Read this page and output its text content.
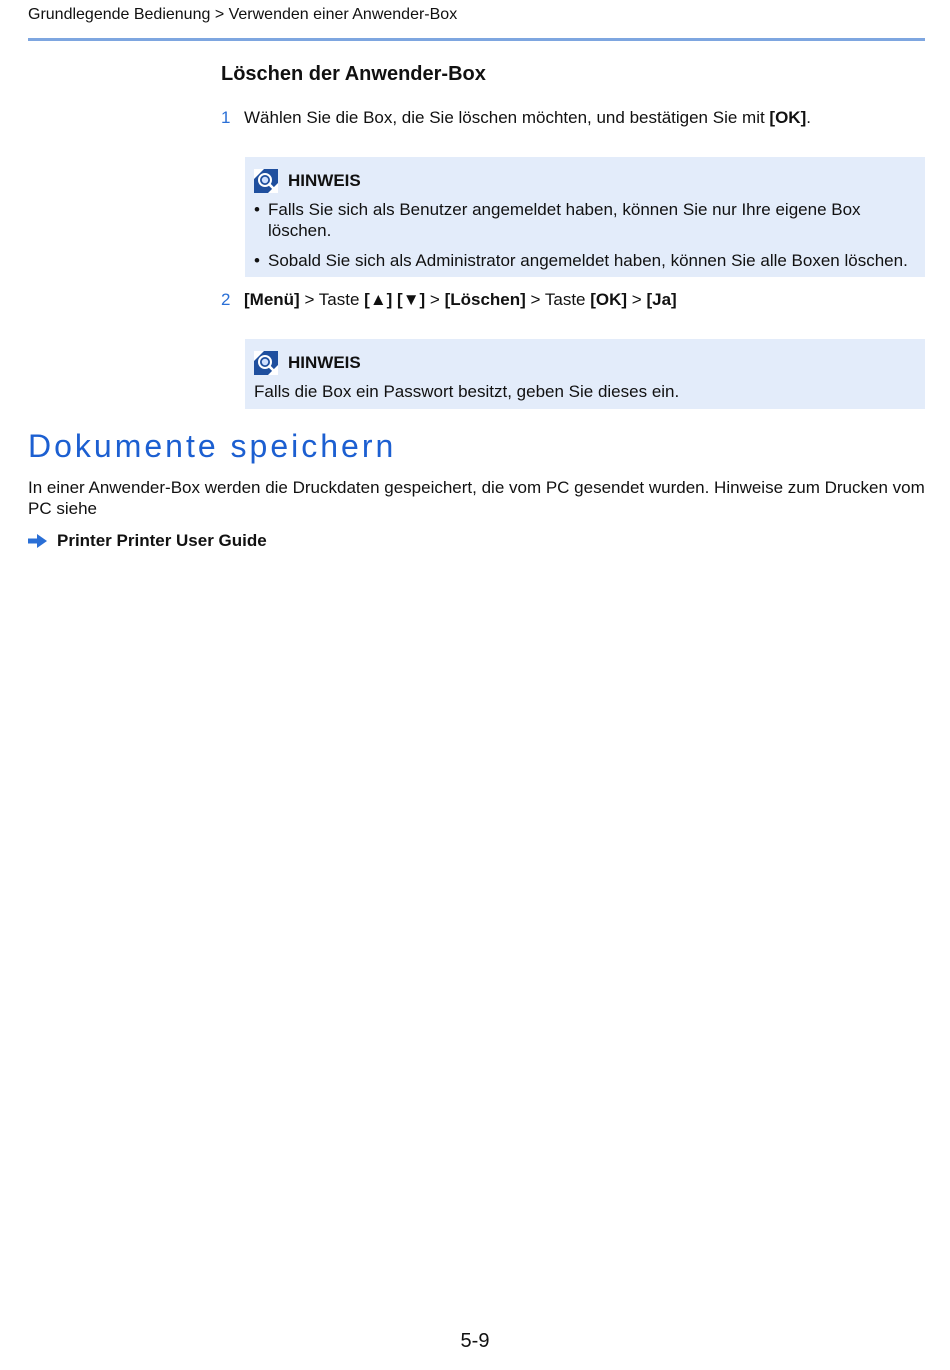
Grundlegende Bedienung > Verwenden einer Anwender-Box
Löschen der Anwender-Box
1 Wählen Sie die Box, die Sie löschen möchten, und bestätigen Sie mit [OK].
HINWEIS
• Falls Sie sich als Benutzer angemeldet haben, können Sie nur Ihre eigene Box löschen.
• Sobald Sie sich als Administrator angemeldet haben, können Sie alle Boxen löschen.
2 [Menü] > Taste [▲] [▼] > [Löschen] > Taste [OK] > [Ja]
HINWEIS
Falls die Box ein Passwort besitzt, geben Sie dieses ein.
Dokumente speichern
In einer Anwender-Box werden die Druckdaten gespeichert, die vom PC gesendet wurden. Hinweise zum Drucken vom PC siehe
Printer Printer User Guide
5-9
